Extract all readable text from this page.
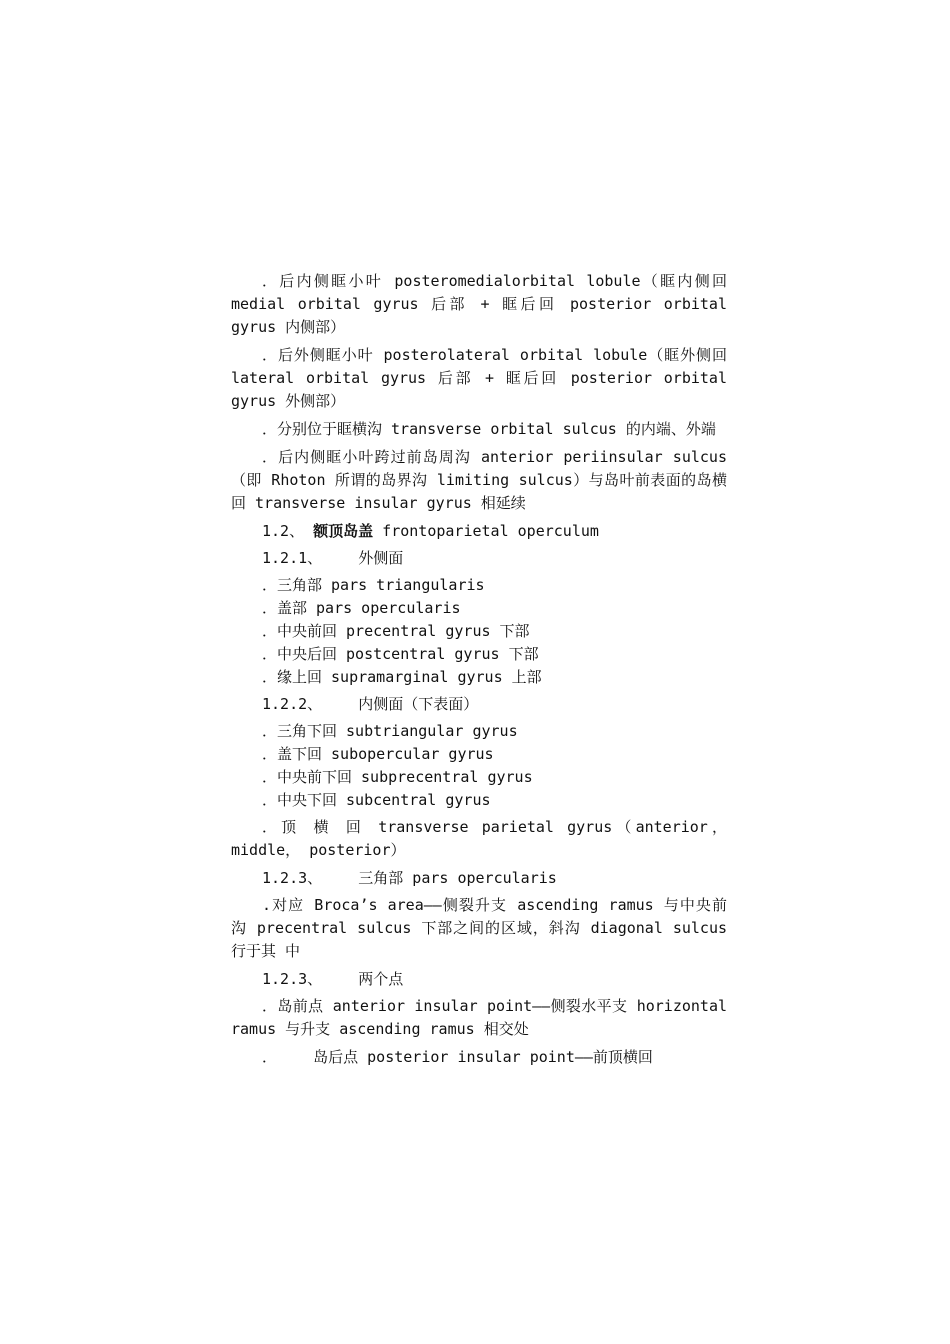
．后内侧眶小叶 posteromedialorbital lobule（眶内侧回 medial orbital gyrus 后部 + 眶后回 posterior orbital gyrus 内侧部）

．后外侧眶小叶 posterolateral orbital lobule（眶外侧回 lateral orbital gyrus 后部 + 眶后回 posterior orbital gyrus 外侧部）

．分别位于眶横沟 transverse orbital sulcus 的内端、外端

．后内侧眶小叶跨过前岛周沟 anterior periinsular sulcus（即 Rhoton 所谓的岛界沟 limiting sulcus）与岛叶前表面的岛横回 transverse insular gyrus 相延续

1.2、 额顶岛盖 frontoparietal operculum
1.2.1、    外侧面
．三角部 pars triangularis
．盖部 pars opercularis
．中央前回 precentral gyrus 下部
．中央后回 postcentral gyrus 下部
．缘上回 supramarginal gyrus 上部
1.2.2、    内侧面（下表面）
．三角下回 subtriangular gyrus
．盖下回 subopercular gyrus
．中央前下回 subprecentral gyrus
．中央下回 subcentral gyrus

．顶 横 回 transverse parietal gyrus（anterior，middle， posterior）

1.2.3、    三角部 pars opercularis

.对应 Broca’s area——侧裂升支 ascending ramus 与中央前 沟 precentral sulcus 下部之间的区域，斜沟 diagonal sulcus 行于其 中

1.2.3、    两个点

．岛前点 anterior insular point——侧裂水平支 horizontal ramus 与升支 ascending ramus 相交处

．    岛后点 posterior insular point——前顶横回
